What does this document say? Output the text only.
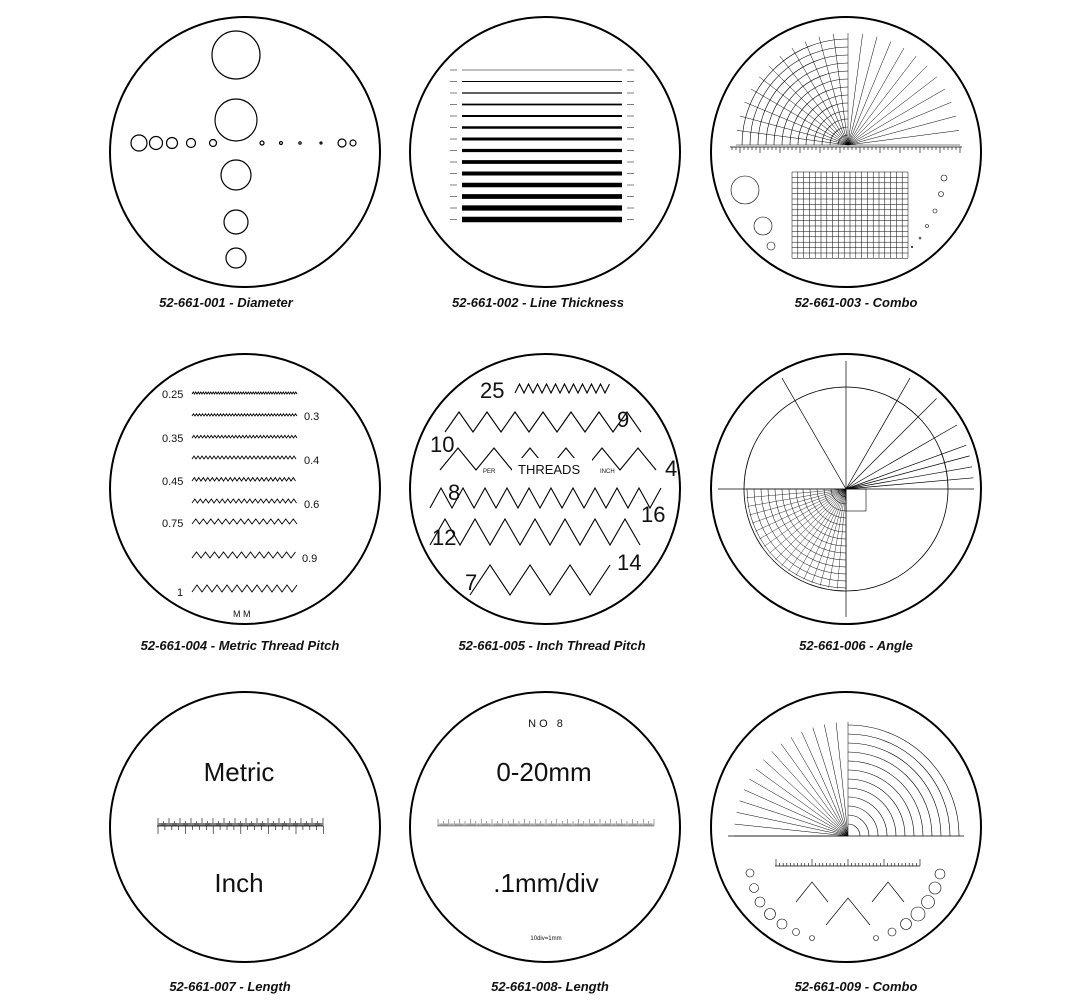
0.25
0.35
0.45
0.75
1
0.3
0.4
0.6
0.9
M M
25
9
10
4
8
16
12
14
7
THREADS
PER	INCH
Metric
Inch
NO 8
0-20mm
.1mm/div
10div=1mm
52-661-001 - Diameter	52-661-002 - Line Thickness	52-661-003 - Combo
52-661-004 - Metric Thread Pitch	52-661-005 - Inch Thread Pitch	52-661-006 - Angle
52-661-007 - Length	52-661-008- Length	52-661-009 - Combo
